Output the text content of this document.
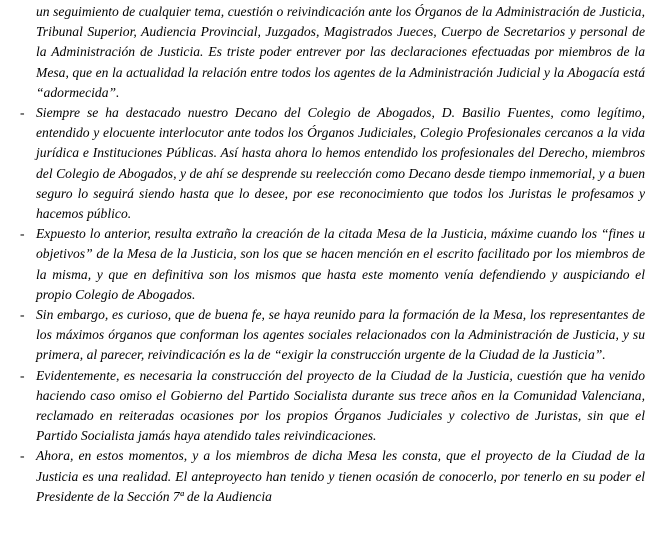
un seguimiento de cualquier tema, cuestión o reivindicación ante los Órganos de la Administración de Justicia, Tribunal Superior, Audiencia Provincial, Juzgados, Magistrados Jueces, Cuerpo de Secretarios y personal de la Administración de Justicia. Es triste poder entrever por las declaraciones efectuadas por miembros de la Mesa, que en la actualidad la relación entre todos los agentes de la Administración Judicial y la Abogacía está “adormecida”.
- Siempre se ha destacado nuestro Decano del Colegio de Abogados, D. Basilio Fuentes, como legítimo, entendido y elocuente interlocutor ante todos los Órganos Judiciales, Colegio Profesionales cercanos a la vida jurídica e Instituciones Públicas. Así hasta ahora lo hemos entendido los profesionales del Derecho, miembros del Colegio de Abogados, y de ahí se desprende su reelección como Decano desde tiempo inmemorial, y a buen seguro lo seguirá siendo hasta que lo desee, por ese reconocimiento que todos los Juristas le profesamos y hacemos público.
- Expuesto lo anterior, resulta extraño la creación de la citada Mesa de la Justicia, máxime cuando los “fines u objetivos” de la Mesa de la Justicia, son los que se hacen mención en el escrito facilitado por los miembros de la misma, y que en definitiva son los mismos que hasta este momento venía defendiendo y auspiciando el propio Colegio de Abogados.
- Sin embargo, es curioso, que de buena fe, se haya reunido para la formación de la Mesa, los representantes de los máximos órganos que conforman los agentes sociales relacionados con la Administración de Justicia, y su primera, al parecer, reivindicación es la de “exigir la construcción urgente de la Ciudad de la Justicia”.
- Evidentemente, es necesaria la construcción del proyecto de la Ciudad de la Justicia, cuestión que ha venido haciendo caso omiso el Gobierno del Partido Socialista durante sus trece años en la Comunidad Valenciana, reclamado en reiteradas ocasiones por los propios Órganos Judiciales y colectivo de Juristas, sin que el Partido Socialista jamás haya atendido tales reivindicaciones.
- Ahora, en estos momentos, y a los miembros de dicha Mesa les consta, que el proyecto de la Ciudad de la Justicia es una realidad. El anteproyecto han tenido y tienen ocasión de conocerlo, por tenerlo en su poder el Presidente de la Sección 7ª de la Audiencia
